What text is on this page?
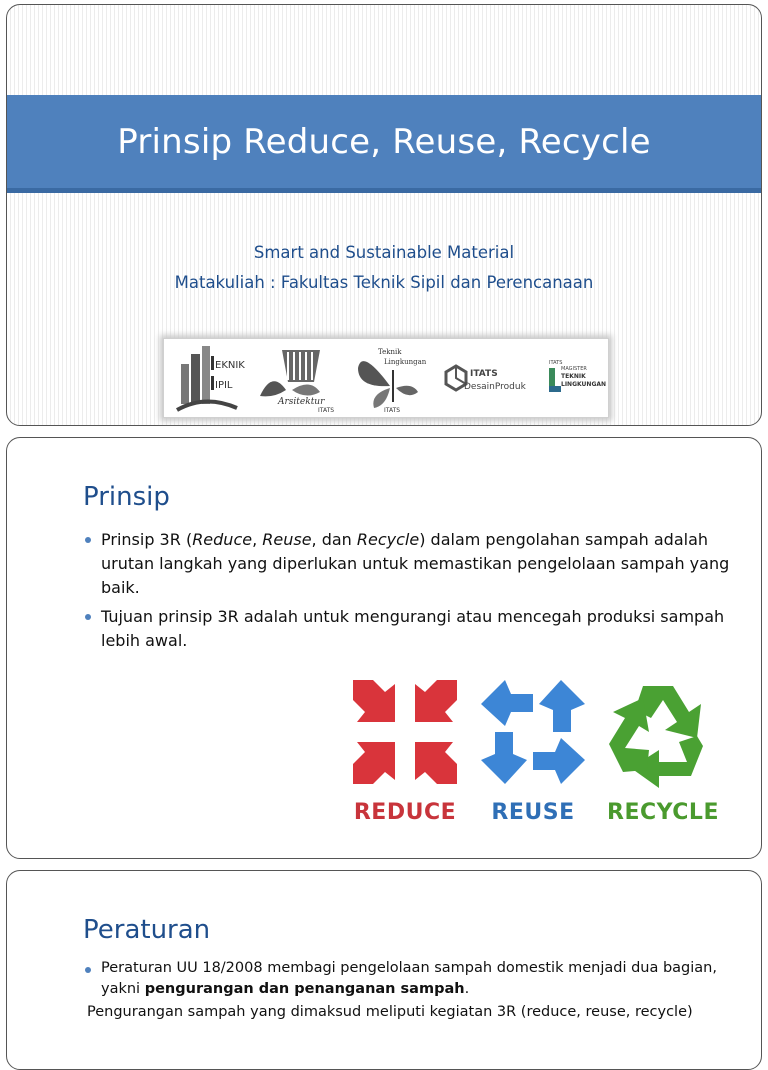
Prinsip Reduce, Reuse, Recycle
Smart and Sustainable Material
Matakuliah : Fakultas Teknik Sipil dan Perencanaan
EKNIK
IPIL
Arsitektur
ITATS
Teknik
Lingkungan
ITATS
ITATS
DesainProduk
ITATS
MAGISTER
TEKNIK
LINGKUNGAN
Prinsip
Prinsip 3R (Reduce, Reuse, dan Recycle) dalam pengolahan sampah adalah urutan langkah yang diperlukan untuk memastikan pengelolaan sampah yang baik.
Tujuan prinsip 3R adalah untuk mengurangi atau mencegah produksi sampah lebih awal.
REDUCE REUSE RECYCLE
Peraturan
Peraturan UU 18/2008 membagi pengelolaan sampah domestik menjadi dua bagian, yakni pengurangan dan penanganan sampah.
Pengurangan sampah yang dimaksud meliputi kegiatan 3R (reduce, reuse, recycle)
